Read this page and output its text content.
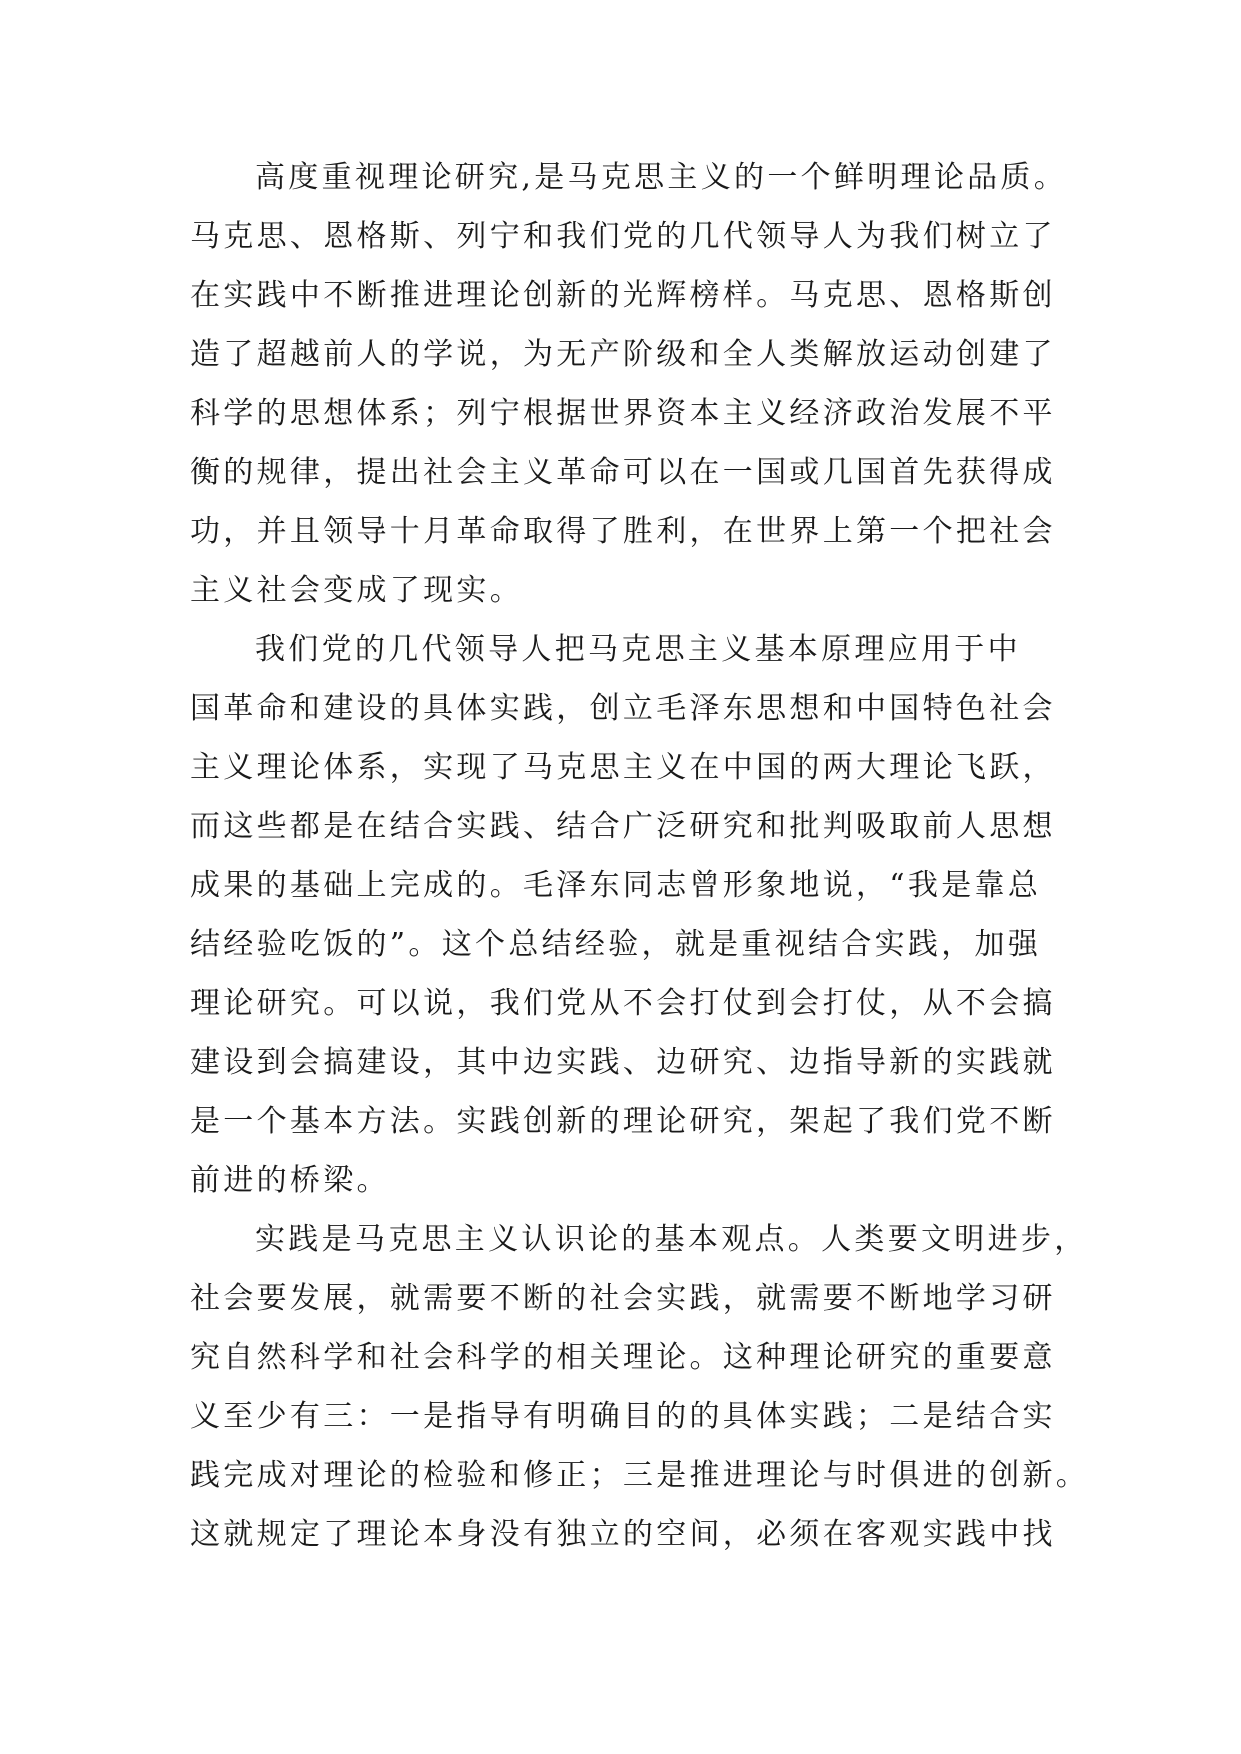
高度重视理论研究,是马克思主义的一个鲜明理论品质。
马克思、恩格斯、列宁和我们党的几代领导人为我们树立了
在实践中不断推进理论创新的光辉榜样。马克思、恩格斯创
造了超越前人的学说，为无产阶级和全人类解放运动创建了
科学的思想体系；列宁根据世界资本主义经济政治发展不平
衡的规律，提出社会主义革命可以在一国或几国首先获得成
功，并且领导十月革命取得了胜利，在世界上第一个把社会
主义社会变成了现实。
我们党的几代领导人把马克思主义基本原理应用于中
国革命和建设的具体实践，创立毛泽东思想和中国特色社会
主义理论体系，实现了马克思主义在中国的两大理论飞跃，
而这些都是在结合实践、结合广泛研究和批判吸取前人思想
成果的基础上完成的。毛泽东同志曾形象地说，“我是靠总
结经验吃饭的”。这个总结经验，就是重视结合实践，加强
理论研究。可以说，我们党从不会打仗到会打仗，从不会搞
建设到会搞建设，其中边实践、边研究、边指导新的实践就
是一个基本方法。实践创新的理论研究，架起了我们党不断
前进的桥梁。
实践是马克思主义认识论的基本观点。人类要文明进步，
社会要发展，就需要不断的社会实践，就需要不断地学习研
究自然科学和社会科学的相关理论。这种理论研究的重要意
义至少有三：一是指导有明确目的的具体实践；二是结合实
践完成对理论的检验和修正；三是推进理论与时俱进的创新。
这就规定了理论本身没有独立的空间，必须在客观实践中找
